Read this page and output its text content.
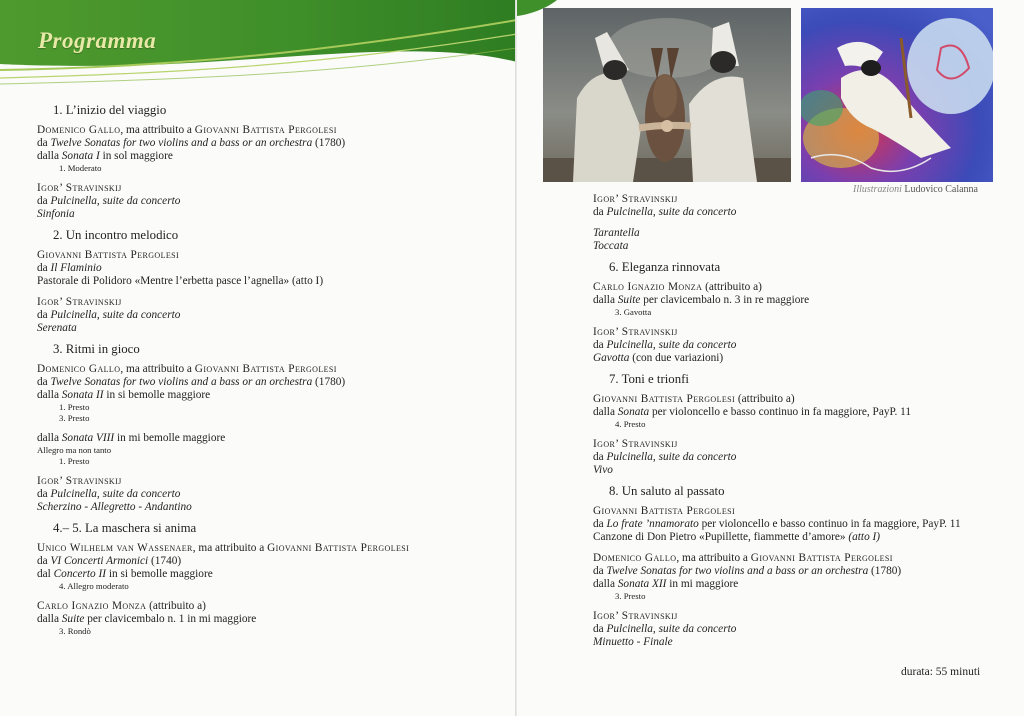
Programma
1. L’inizio del viaggio
Domenico Gallo, ma attribuito a Giovanni Battista Pergolesi
da Twelve Sonatas for two violins and a bass or an orchestra (1780)
dalla Sonata I in sol maggiore
1. Moderato
Igor’ Stravinskij
da Pulcinella, suite da concerto
Sinfonia
2. Un incontro melodico
Giovanni Battista Pergolesi
da Il Flaminio
Pastorale di Polidoro «Mentre l’erbetta pasce l’agnella» (atto I)
Igor’ Stravinskij
da Pulcinella, suite da concerto
Serenata
3. Ritmi in gioco
Domenico Gallo, ma attribuito a Giovanni Battista Pergolesi
da Twelve Sonatas for two violins and a bass or an orchestra (1780)
dalla Sonata II in si bemolle maggiore
1. Presto
3. Presto
dalla Sonata VIII in mi bemolle maggiore
Allegro ma non tanto
1. Presto
Igor’ Stravinskij
da Pulcinella, suite da concerto
Scherzino - Allegretto - Andantino
4.– 5. La maschera si anima
Unico Wilhelm van Wassenaer, ma attribuito a Giovanni Battista Pergolesi
da VI Concerti Armonici (1740)
dal Concerto II in si bemolle maggiore
4. Allegro moderato
Carlo Ignazio Monza (attribuito a)
dalla Suite per clavicembalo n. 1 in mi maggiore
3. Rondò
Illustrazioni Ludovico Calanna
Igor’ Stravinskij
da Pulcinella, suite da concerto
Tarantella
Toccata
6. Eleganza rinnovata
Carlo Ignazio Monza (attribuito a)
dalla Suite per clavicembalo n. 3 in re maggiore
3. Gavotta
Igor’ Stravinskij
da Pulcinella, suite da concerto
Gavotta (con due variazioni)
7. Toni e trionfi
Giovanni Battista Pergolesi (attribuito a)
dalla Sonata per violoncello e basso continuo in fa maggiore, PayP. 11
4. Presto
Igor’ Stravinskij
da Pulcinella, suite da concerto
Vivo
8. Un saluto al passato
Giovanni Battista Pergolesi
da Lo frate ’nnamorato per violoncello e basso continuo in fa maggiore, PayP. 11
Canzone di Don Pietro «Pupillette, fiammette d’amore» (atto I)
Domenico Gallo, ma attribuito a Giovanni Battista Pergolesi
da Twelve Sonatas for two violins and a bass or an orchestra (1780)
dalla Sonata XII in mi maggiore
3. Presto
Igor’ Stravinskij
da Pulcinella, suite da concerto
Minuetto - Finale
durata: 55 minuti
